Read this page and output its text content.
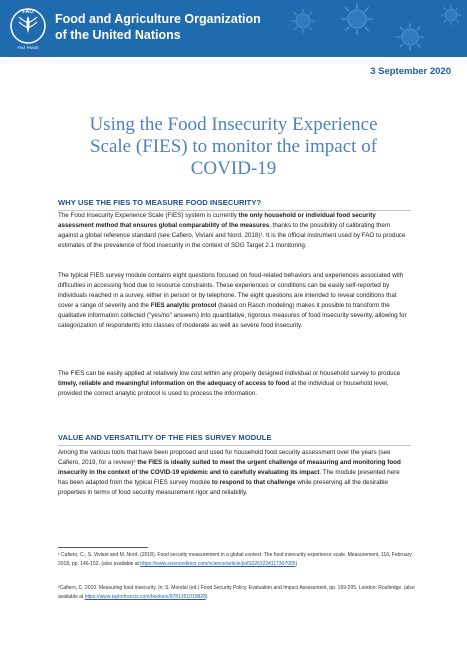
FAO
FIAT PANIS
Food and Agriculture Organization
of the United Nations
3 September 2020
Using the Food Insecurity Experience
Scale (FIES) to monitor the impact of
COVID-19
WHY USE THE FIES TO MEASURE FOOD INSECURITY?

The Food Insecurity Experience Scale (FIES) system is currently the only household or individual food security assessment method that ensures global comparability of the measures, thanks to the possibility of calibrating them against a global reference standard (see Cafiero, Viviani and Nord, 2018)¹. It is the official instrument used by FAO to produce estimates of the prevalence of food insecurity in the context of SDG Target 2.1 monitoring.

The typical FIES survey module contains eight questions focused on food-related behaviors and experiences associated with difficulties in accessing food due to resource constraints. These experiences or conditions can be easily self-reported by individuals reached in a survey, either in person or by telephone. The eight questions are intended to reveal conditions that cover a range of severity and the FIES analytic protocol (based on Rasch modeling) makes it possible to transform the qualitative information collected ("yes/no" answers) into quantitative, rigorous measures of food insecurity severity, allowing for categorization of respondents into classes of moderate as well as severe food insecurity.

The FIES can be easily applied at relatively low cost within any properly designed individual or household survey to produce timely, reliable and meaningful information on the adequacy of access to food at the individual or household level, provided the correct analytic protocol is used to process the information.

VALUE AND VERSATILITY OF THE FIES SURVEY MODULE

Among the various tools that have been proposed and used for household food security assessment over the years (see Cafiero, 2019, for a review)² the FIES is ideally suited to meet the urgent challenge of measuring and monitoring food insecurity in the context of the COVID-19 epidemic and to carefully evaluating its impact. The module presented here has been adapted from the typical FIES survey module to respond to that challenge while preserving all the desirable properties in terms of food security measurement rigor and reliability.

¹ Cafiero, C., S. Viviani and M. Nord. (2018). Food security measurement in a global context: The food insecurity experience scale. Measurement, 116, February 2018, pp. 146-152. (also available at https://www.sciencedirect.com/science/article/pii/S0263224117307005)
²Cafiero, C. 2019. Measuring food insecurity. In: S. Mondal (ed.) Food Security Policy, Evaluation and Impact Assessment, pp. 169-205. London: Routledge. (also available at https://www.taylorfrancis.com/books/e/9781351019828)
